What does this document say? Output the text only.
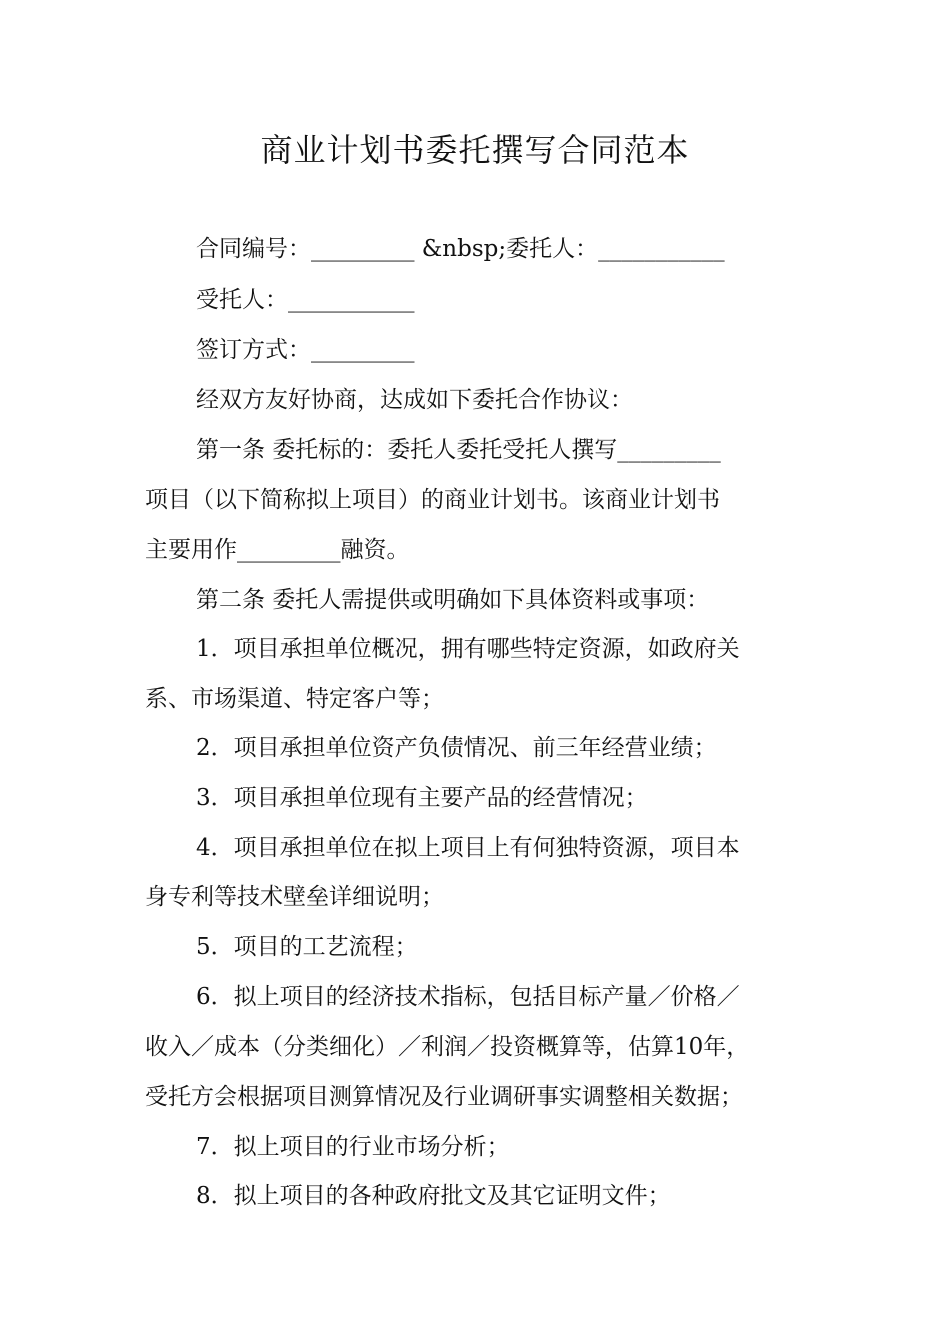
商业计划书委托撰写合同范本
合同编号：_________ &nbsp;委托人：___________
受托人：___________
签订方式：_________
经双方友好协商，达成如下委托合作协议：
第一条 委托标的：委托人委托受托人撰写_________
项目（以下简称拟上项目）的商业计划书。该商业计划书
主要用作_________融资。
第二条 委托人需提供或明确如下具体资料或事项：
1．项目承担单位概况，拥有哪些特定资源，如政府关
系、市场渠道、特定客户等；
2．项目承担单位资产负债情况、前三年经营业绩；
3．项目承担单位现有主要产品的经营情况；
4．项目承担单位在拟上项目上有何独特资源，项目本
身专利等技术壁垒详细说明；
5．项目的工艺流程；
6．拟上项目的经济技术指标，包括目标产量／价格／
收入／成本（分类细化）／利润／投资概算等，估算10年，
受托方会根据项目测算情况及行业调研事实调整相关数据；
7．拟上项目的行业市场分析；
8．拟上项目的各种政府批文及其它证明文件；
